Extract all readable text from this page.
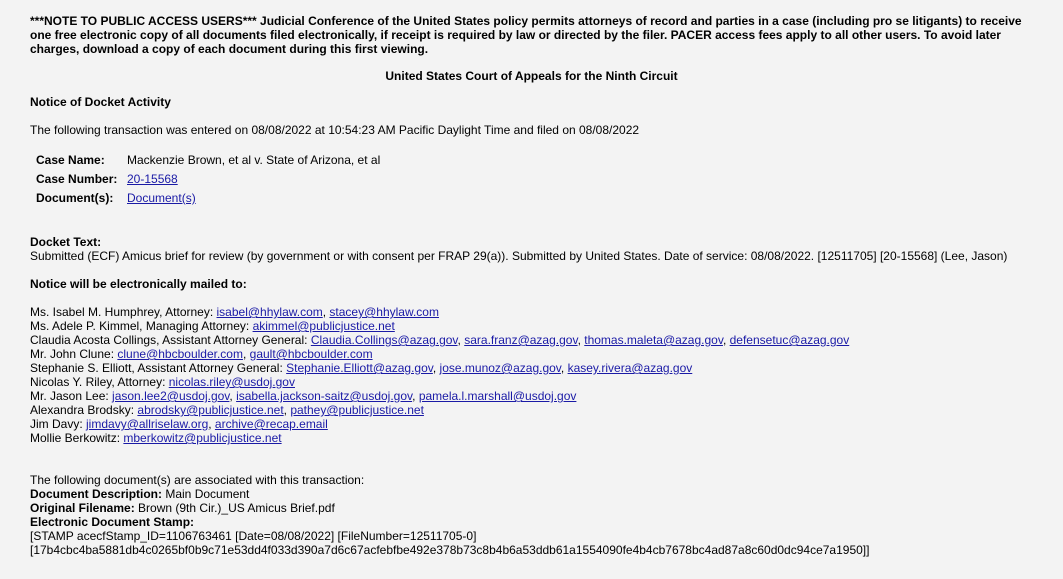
***NOTE TO PUBLIC ACCESS USERS*** Judicial Conference of the United States policy permits attorneys of record and parties in a case (including pro se litigants) to receive one free electronic copy of all documents filed electronically, if receipt is required by law or directed by the filer. PACER access fees apply to all other users. To avoid later charges, download a copy of each document during this first viewing.
United States Court of Appeals for the Ninth Circuit
Notice of Docket Activity
The following transaction was entered on 08/08/2022 at 10:54:23 AM Pacific Daylight Time and filed on 08/08/2022
Case Name:	Mackenzie Brown, et al v. State of Arizona, et al
Case Number:	20-15568
Document(s):	Document(s)
Docket Text:
Submitted (ECF) Amicus brief for review (by government or with consent per FRAP 29(a)). Submitted by United States. Date of service: 08/08/2022. [12511705] [20-15568] (Lee, Jason)
Notice will be electronically mailed to:
Ms. Isabel M. Humphrey, Attorney: isabel@hhylaw.com, stacey@hhylaw.com
Ms. Adele P. Kimmel, Managing Attorney: akimmel@publicjustice.net
Claudia Acosta Collings, Assistant Attorney General: Claudia.Collings@azag.gov, sara.franz@azag.gov, thomas.maleta@azag.gov, defensetuc@azag.gov
Mr. John Clune: clune@hbcboulder.com, gault@hbcboulder.com
Stephanie S. Elliott, Assistant Attorney General: Stephanie.Elliott@azag.gov, jose.munoz@azag.gov, kasey.rivera@azag.gov
Nicolas Y. Riley, Attorney: nicolas.riley@usdoj.gov
Mr. Jason Lee: jason.lee2@usdoj.gov, isabella.jackson-saitz@usdoj.gov, pamela.l.marshall@usdoj.gov
Alexandra Brodsky: abrodsky@publicjustice.net, pathey@publicjustice.net
Jim Davy: jimdavy@allriselaw.org, archive@recap.email
Mollie Berkowitz: mberkowitz@publicjustice.net
The following document(s) are associated with this transaction:
Document Description: Main Document
Original Filename: Brown (9th Cir.)_US Amicus Brief.pdf
Electronic Document Stamp:
[STAMP acecfStamp_ID=1106763461 [Date=08/08/2022] [FileNumber=12511705-0]
[17b4cbc4ba5881db4c0265bf0b9c71e53dd4f033d390a7d6c67acfebfbe492e378b73c8b4b6a53ddb61a1554090fe4b4cb7678bc4ad87a8c60d0dc94ce7a1950]]
